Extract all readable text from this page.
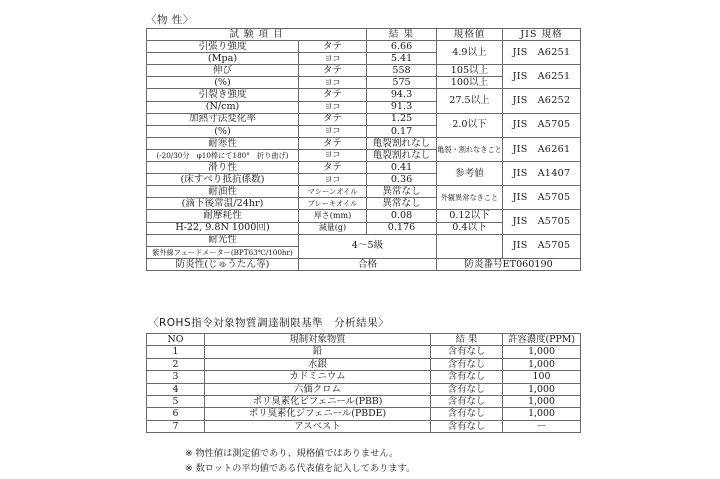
〈物 性〉
試 験 項 目		結 果	規格値	JIS 規格
引張り強度	タテ	6.66	4.9以上	JIS　A6251
(Mpa)	ヨコ	5.41		
伸び	タテ	558	105以上	JIS　A6251
(%)	ヨコ	575	100以上	
引裂き強度	タテ	94.3	27.5以上	JIS　A6252
(N/cm)	ヨコ	91.3		
加熱寸法変化率	タテ	1.25	2.0以下	JIS　A5705
(%)	ヨコ	0.17		
耐寒性	タテ	亀裂割れなし	亀裂・割れなきこと	JIS　A6261
(-20/30分　φ10棒にて180°　折り曲げ)	ヨコ	亀裂割れなし		
滑り性	タテ	0.41	参考値	JIS　A1407
(床すべり抵抗係数)	ヨコ	0.36		
耐油性	マシーンオイル	異常なし	外観異常なきこと	JIS　A5705
(滴下後常温/24hr)	ブレーキオイル	異常なし		
耐摩耗性	厚さ(mm)	0.08	0.12以下	JIS　A5705
H-22, 9.8N 1000回)	減量(g)	0.176	0.4以下	
耐光性	4～5級			JIS　A5705
紫外線フェードメーター(BPT63℃/100hr)				
防炎性(じゅうたん等)	合格		防炎番号ET060190	
〈ROHS指令対象物質調達制限基準　分析結果〉
NO	規制対象物質	結 果	許容濃度(PPM)
1	鉛	含有なし	1,000
2	水銀	含有なし	1,000
3	カドミニウム	含有なし	100
4	六価クロム	含有なし	1,000
5	ポリ臭素化ビフェニール(PBB)	含有なし	1,000
6	ポリ臭素化ジフェニール(PBDE)	含有なし	1,000
7	アスベスト	含有なし	ー
※ 物性値は測定値であり、規格値ではありません。
※ 数ロットの平均値である代表値を記入してあります。
